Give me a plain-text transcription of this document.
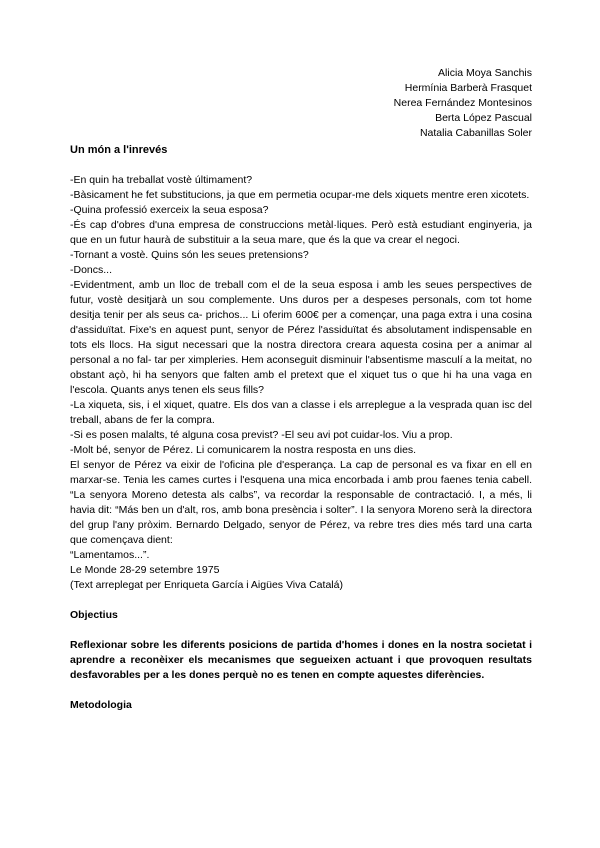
Alicia Moya Sanchis
Hermínia Barberà Frasquet
Nerea Fernández Montesinos
Berta López Pascual
Natalia Cabanillas Soler
Un món a l'inrevés

-En quin ha treballat vostè últimament?

-Bàsicament he fet substitucions, ja que em permetia ocupar-me dels xiquets mentre eren xicotets.

-Quina professió exerceix la seua esposa?

-És cap d'obres d'una empresa de construccions metàl·liques. Però està estudiant enginyeria, ja que en un futur haurà de substituir a la seua mare, que és la que va crear el negoci.

-Tornant a vostè. Quins són les seues pretensions?

-Doncs...

-Evidentment, amb un lloc de treball com el de la seua esposa i amb les seues perspectives de futur, vostè desitjarà un sou complemente. Uns duros per a despeses personals, com tot home desitja tenir per als seus ca- prichos... Li oferim 600€ per a començar, una paga extra i una cosina d'assiduïtat. Fixe's en aquest punt, senyor de Pérez l'assiduïtat és absolutament indispensable en tots els llocs. Ha sigut necessari que la nostra directora creara aquesta cosina per a animar al personal a no fal- tar per ximpleries. Hem aconseguit disminuir l'absentisme masculí a la meitat, no obstant açò, hi ha senyors que falten amb el pretext que el xiquet tus o que hi ha una vaga en l'escola. Quants anys tenen els seus fills?

-La xiqueta, sis, i el xiquet, quatre. Els dos van a classe i els arreplegue a la vesprada quan isc del treball, abans de fer la compra.

-Si es posen malalts, té alguna cosa previst? -El seu avi pot cuidar-los. Viu a prop.

-Molt bé, senyor de Pérez. Li comunicarem la nostra resposta en uns dies.

El senyor de Pérez va eixir de l'oficina ple d'esperança. La cap de personal es va fixar en ell en marxar-se. Tenia les cames curtes i l'esquena una mica encorbada i amb prou faenes tenia cabell. “La senyora Moreno detesta als calbs”, va recordar la responsable de contractació. I, a més, li havia dit: “Más ben un d'alt, ros, amb bona presència i solter”. I la senyora Moreno serà la directora del grup l'any pròxim. Bernardo Delgado, senyor de Pérez, va rebre tres dies més tard una carta que començava dient:

“Lamentamos...”.

Le Monde 28-29 setembre 1975

(Text arreplegat per Enriqueta García i Aigües Viva Catalá)

Objectius

Reflexionar sobre les diferents posicions de partida d'homes i dones en la nostra societat i aprendre a reconèixer els mecanismes que segueixen actuant i que provoquen resultats desfavorables per a les dones perquè no es tenen en compte aquestes diferències.

Metodologia
